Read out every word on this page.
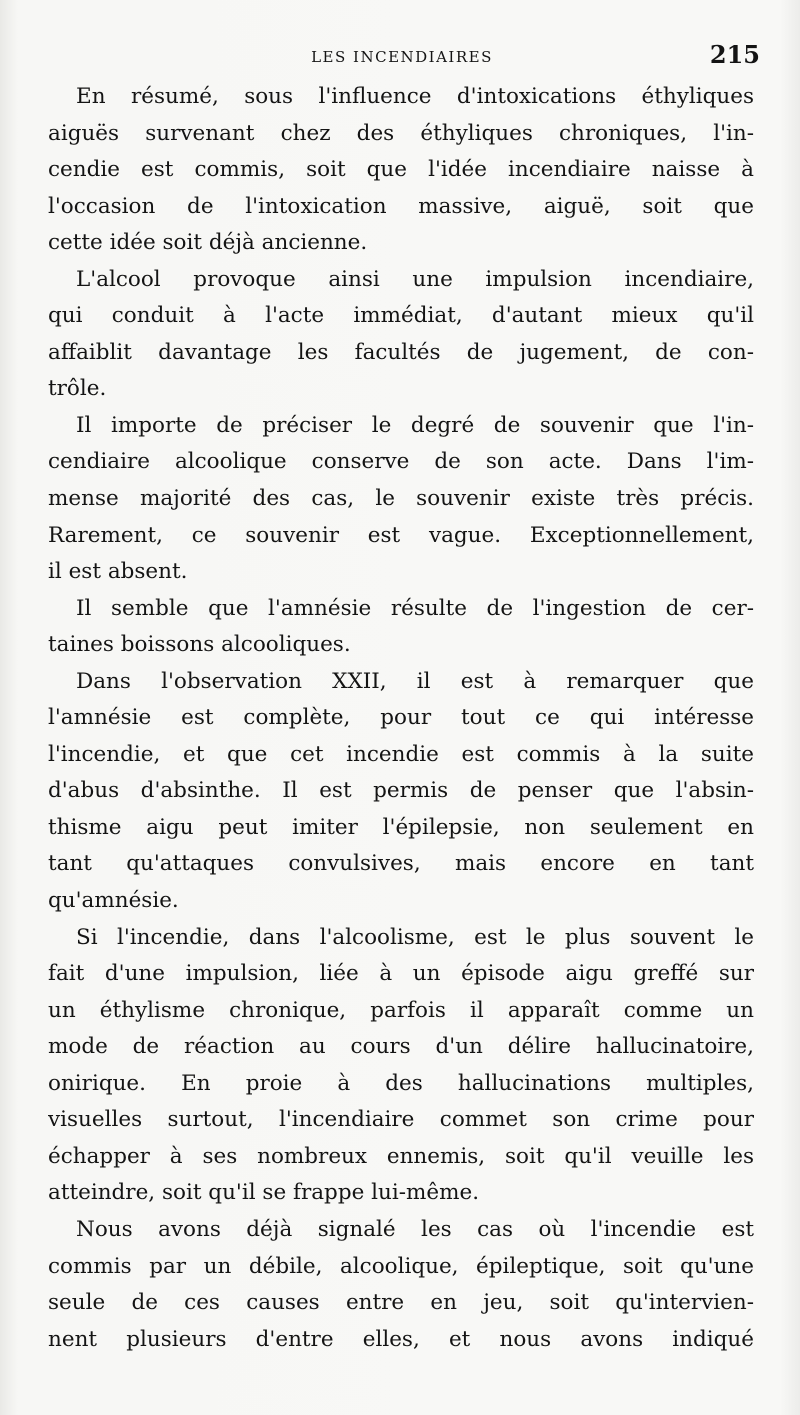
LES INCENDIAIRES	215
En résumé, sous l'influence d'intoxications éthyliques
aiguës survenant chez des éthyliques chroniques, l'in-
cendie est commis, soit que l'idée incendiaire naisse à
l'occasion de l'intoxication massive, aiguë, soit que
cette idée soit déjà ancienne.
L'alcool provoque ainsi une impulsion incendiaire,
qui conduit à l'acte immédiat, d'autant mieux qu'il
affaiblit davantage les facultés de jugement, de con-
trôle.
Il importe de préciser le degré de souvenir que l'in-
cendiaire alcoolique conserve de son acte. Dans l'im-
mense majorité des cas, le souvenir existe très précis.
Rarement, ce souvenir est vague. Exceptionnellement,
il est absent.
Il semble que l'amnésie résulte de l'ingestion de cer-
taines boissons alcooliques.
Dans l'observation XXII, il est à remarquer que
l'amnésie est complète, pour tout ce qui intéresse
l'incendie, et que cet incendie est commis à la suite
d'abus d'absinthe. Il est permis de penser que l'absin-
thisme aigu peut imiter l'épilepsie, non seulement en
tant qu'attaques convulsives, mais encore en tant
qu'amnésie.
Si l'incendie, dans l'alcoolisme, est le plus souvent le
fait d'une impulsion, liée à un épisode aigu greffé sur
un éthylisme chronique, parfois il apparaît comme un
mode de réaction au cours d'un délire hallucinatoire,
onirique. En proie à des hallucinations multiples,
visuelles surtout, l'incendiaire commet son crime pour
échapper à ses nombreux ennemis, soit qu'il veuille les
atteindre, soit qu'il se frappe lui-même.
Nous avons déjà signalé les cas où l'incendie est
commis par un débile, alcoolique, épileptique, soit qu'une
seule de ces causes entre en jeu, soit qu'intervien-
nent plusieurs d'entre elles, et nous avons indiqué
